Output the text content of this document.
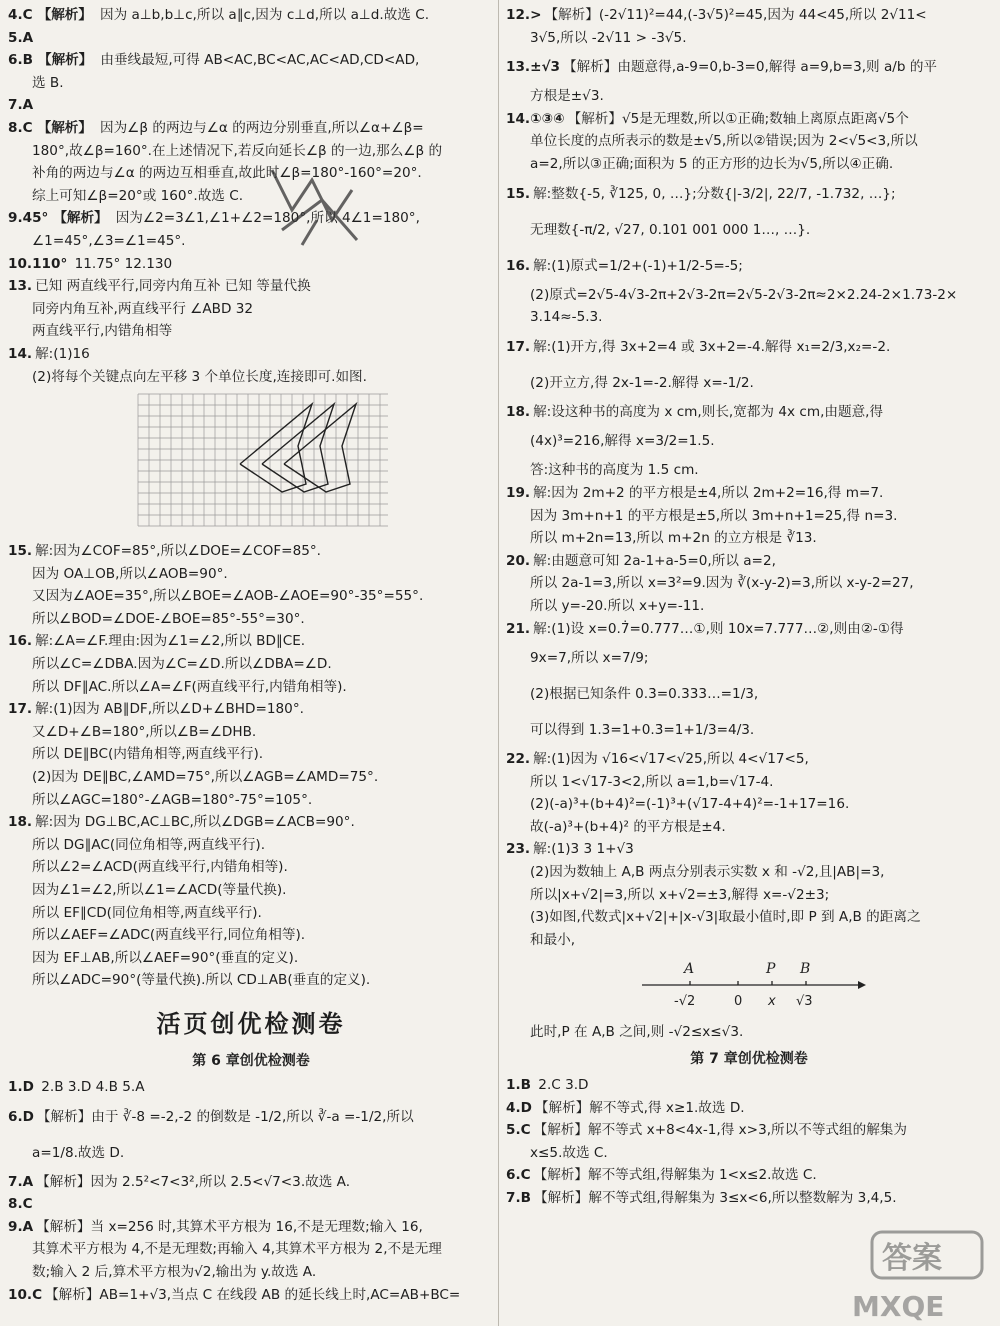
4.C 【解析】 因为 a⊥b,b⊥c,所以 a∥c,因为 c⊥d,所以 a⊥d.故选 C.
5.A
6.B 【解析】 由垂线最短,可得 AB<AC,BC<AC,AC<AD,CD<AD,
选 B.
7.A
8.C 【解析】 因为∠β 的两边与∠α 的两边分别垂直,所以∠α+∠β=
180°,故∠β=160°.在上述情况下,若反向延长∠β 的一边,那么∠β 的
补角的两边与∠α 的两边互相垂直,故此时∠β=180°-160°=20°.
综上可知∠β=20°或 160°.故选 C.
9.45° 【解析】 因为∠2=3∠1,∠1+∠2=180°,所以 4∠1=180°,
∠1=45°,∠3=∠1=45°.
10.110° 11.75° 12.130
13. 已知 两直线平行,同旁内角互补 已知 等量代换
同旁内角互补,两直线平行 ∠ABD 32
两直线平行,内错角相等
14. 解:(1)16
(2)将每个关键点向左平移 3 个单位长度,连接即可.如图.
15. 解:因为∠COF=85°,所以∠DOE=∠COF=85°.
因为 OA⊥OB,所以∠AOB=90°.
又因为∠AOE=35°,所以∠BOE=∠AOB-∠AOE=90°-35°=55°.
所以∠BOD=∠DOE-∠BOE=85°-55°=30°.
16. 解:∠A=∠F.理由:因为∠1=∠2,所以 BD∥CE.
所以∠C=∠DBA.因为∠C=∠D.所以∠DBA=∠D.
所以 DF∥AC.所以∠A=∠F(两直线平行,内错角相等).
17. 解:(1)因为 AB∥DF,所以∠D+∠BHD=180°.
又∠D+∠B=180°,所以∠B=∠DHB.
所以 DE∥BC(内错角相等,两直线平行).
(2)因为 DE∥BC,∠AMD=75°,所以∠AGB=∠AMD=75°.
所以∠AGC=180°-∠AGB=180°-75°=105°.
18. 解:因为 DG⊥BC,AC⊥BC,所以∠DGB=∠ACB=90°.
所以 DG∥AC(同位角相等,两直线平行).
所以∠2=∠ACD(两直线平行,内错角相等).
因为∠1=∠2,所以∠1=∠ACD(等量代换).
所以 EF∥CD(同位角相等,两直线平行).
所以∠AEF=∠ADC(两直线平行,同位角相等).
因为 EF⊥AB,所以∠AEF=90°(垂直的定义).
所以∠ADC=90°(等量代换).所以 CD⊥AB(垂直的定义).
活页创优检测卷
第 6 章创优检测卷
1.D 2.B 3.D 4.B 5.A
6.D 【解析】由于 ∛-8 =-2,-2 的倒数是 -1/2,所以 ∛-a =-1/2,所以
a=1/8.故选 D.
7.A 【解析】因为 2.5²<7<3²,所以 2.5<√7<3.故选 A.
8.C
9.A 【解析】当 x=256 时,其算术平方根为 16,不是无理数;输入 16,
其算术平方根为 4,不是无理数;再输入 4,其算术平方根为 2,不是无理
数;输入 2 后,算术平方根为√2,输出为 y.故选 A.
10.C 【解析】AB=1+√3,当点 C 在线段 AB 的延长线上时,AC=AB+BC=
12.> 【解析】(-2√11)²=44,(-3√5)²=45,因为 44<45,所以 2√11<
3√5,所以 -2√11 > -3√5.
13.±√3 【解析】由题意得,a-9=0,b-3=0,解得 a=9,b=3,则 a/b 的平
方根是±√3.
14.①③④ 【解析】√5是无理数,所以①正确;数轴上离原点距离√5个
单位长度的点所表示的数是±√5,所以②错误;因为 2<√5<3,所以
a=2,所以③正确;面积为 5 的正方形的边长为√5,所以④正确.
15. 解:整数{-5, ∛125, 0, …};分数{|-3/2|, 22/7, -1.732, …};
无理数{-π/2, √27, 0.101 001 000 1…, …}.
16. 解:(1)原式=1/2+(-1)+1/2-5=-5;
(2)原式=2√5-4√3-2π+2√3-2π=2√5-2√3-2π≈2×2.24-2×1.73-2×
3.14≈-5.3.
17. 解:(1)开方,得 3x+2=4 或 3x+2=-4.解得 x₁=2/3,x₂=-2.
(2)开立方,得 2x-1=-2.解得 x=-1/2.
18. 解:设这种书的高度为 x cm,则长,宽都为 4x cm,由题意,得
(4x)³=216,解得 x=3/2=1.5.
答:这种书的高度为 1.5 cm.
19. 解:因为 2m+2 的平方根是±4,所以 2m+2=16,得 m=7.
因为 3m+n+1 的平方根是±5,所以 3m+n+1=25,得 n=3.
所以 m+2n=13,所以 m+2n 的立方根是 ∛13.
20. 解:由题意可知 2a-1+a-5=0,所以 a=2,
所以 2a-1=3,所以 x=3²=9.因为 ∛(x-y-2)=3,所以 x-y-2=27,
所以 y=-20.所以 x+y=-11.
21. 解:(1)设 x=0.7̇=0.777…①,则 10x=7.777…②,则由②-①得
9x=7,所以 x=7/9;
(2)根据已知条件 0.3̇=0.333…=1/3,
可以得到 1.3̇=1+0.3̇=1+1/3=4/3.
22. 解:(1)因为 √16<√17<√25,所以 4<√17<5,
所以 1<√17-3<2,所以 a=1,b=√17-4.
(2)(-a)³+(b+4)²=(-1)³+(√17-4+4)²=-1+17=16.
故(-a)³+(b+4)² 的平方根是±4.
23. 解:(1)3 3 1+√3
(2)因为数轴上 A,B 两点分别表示实数 x 和 -√2,且|AB|=3,
所以|x+√2|=3,所以 x+√2=±3,解得 x=-√2±3;
(3)如图,代数式|x+√2|+|x-√3|取最小值时,即 P 到 A,B 的距离之
和最小,
A	P B
-√2	0 x √3
此时,P 在 A,B 之间,则 -√2≤x≤√3.
第 7 章创优检测卷
1.B 2.C 3.D
4.D 【解析】解不等式,得 x≥1.故选 D.
5.C 【解析】解不等式 x+8<4x-1,得 x>3,所以不等式组的解集为
x≤5.故选 C.
6.C 【解析】解不等式组,得解集为 1<x≤2.故选 C.
7.B 【解析】解不等式组,得解集为 3≤x<6,所以整数解为 3,4,5.
答案
MXQE
